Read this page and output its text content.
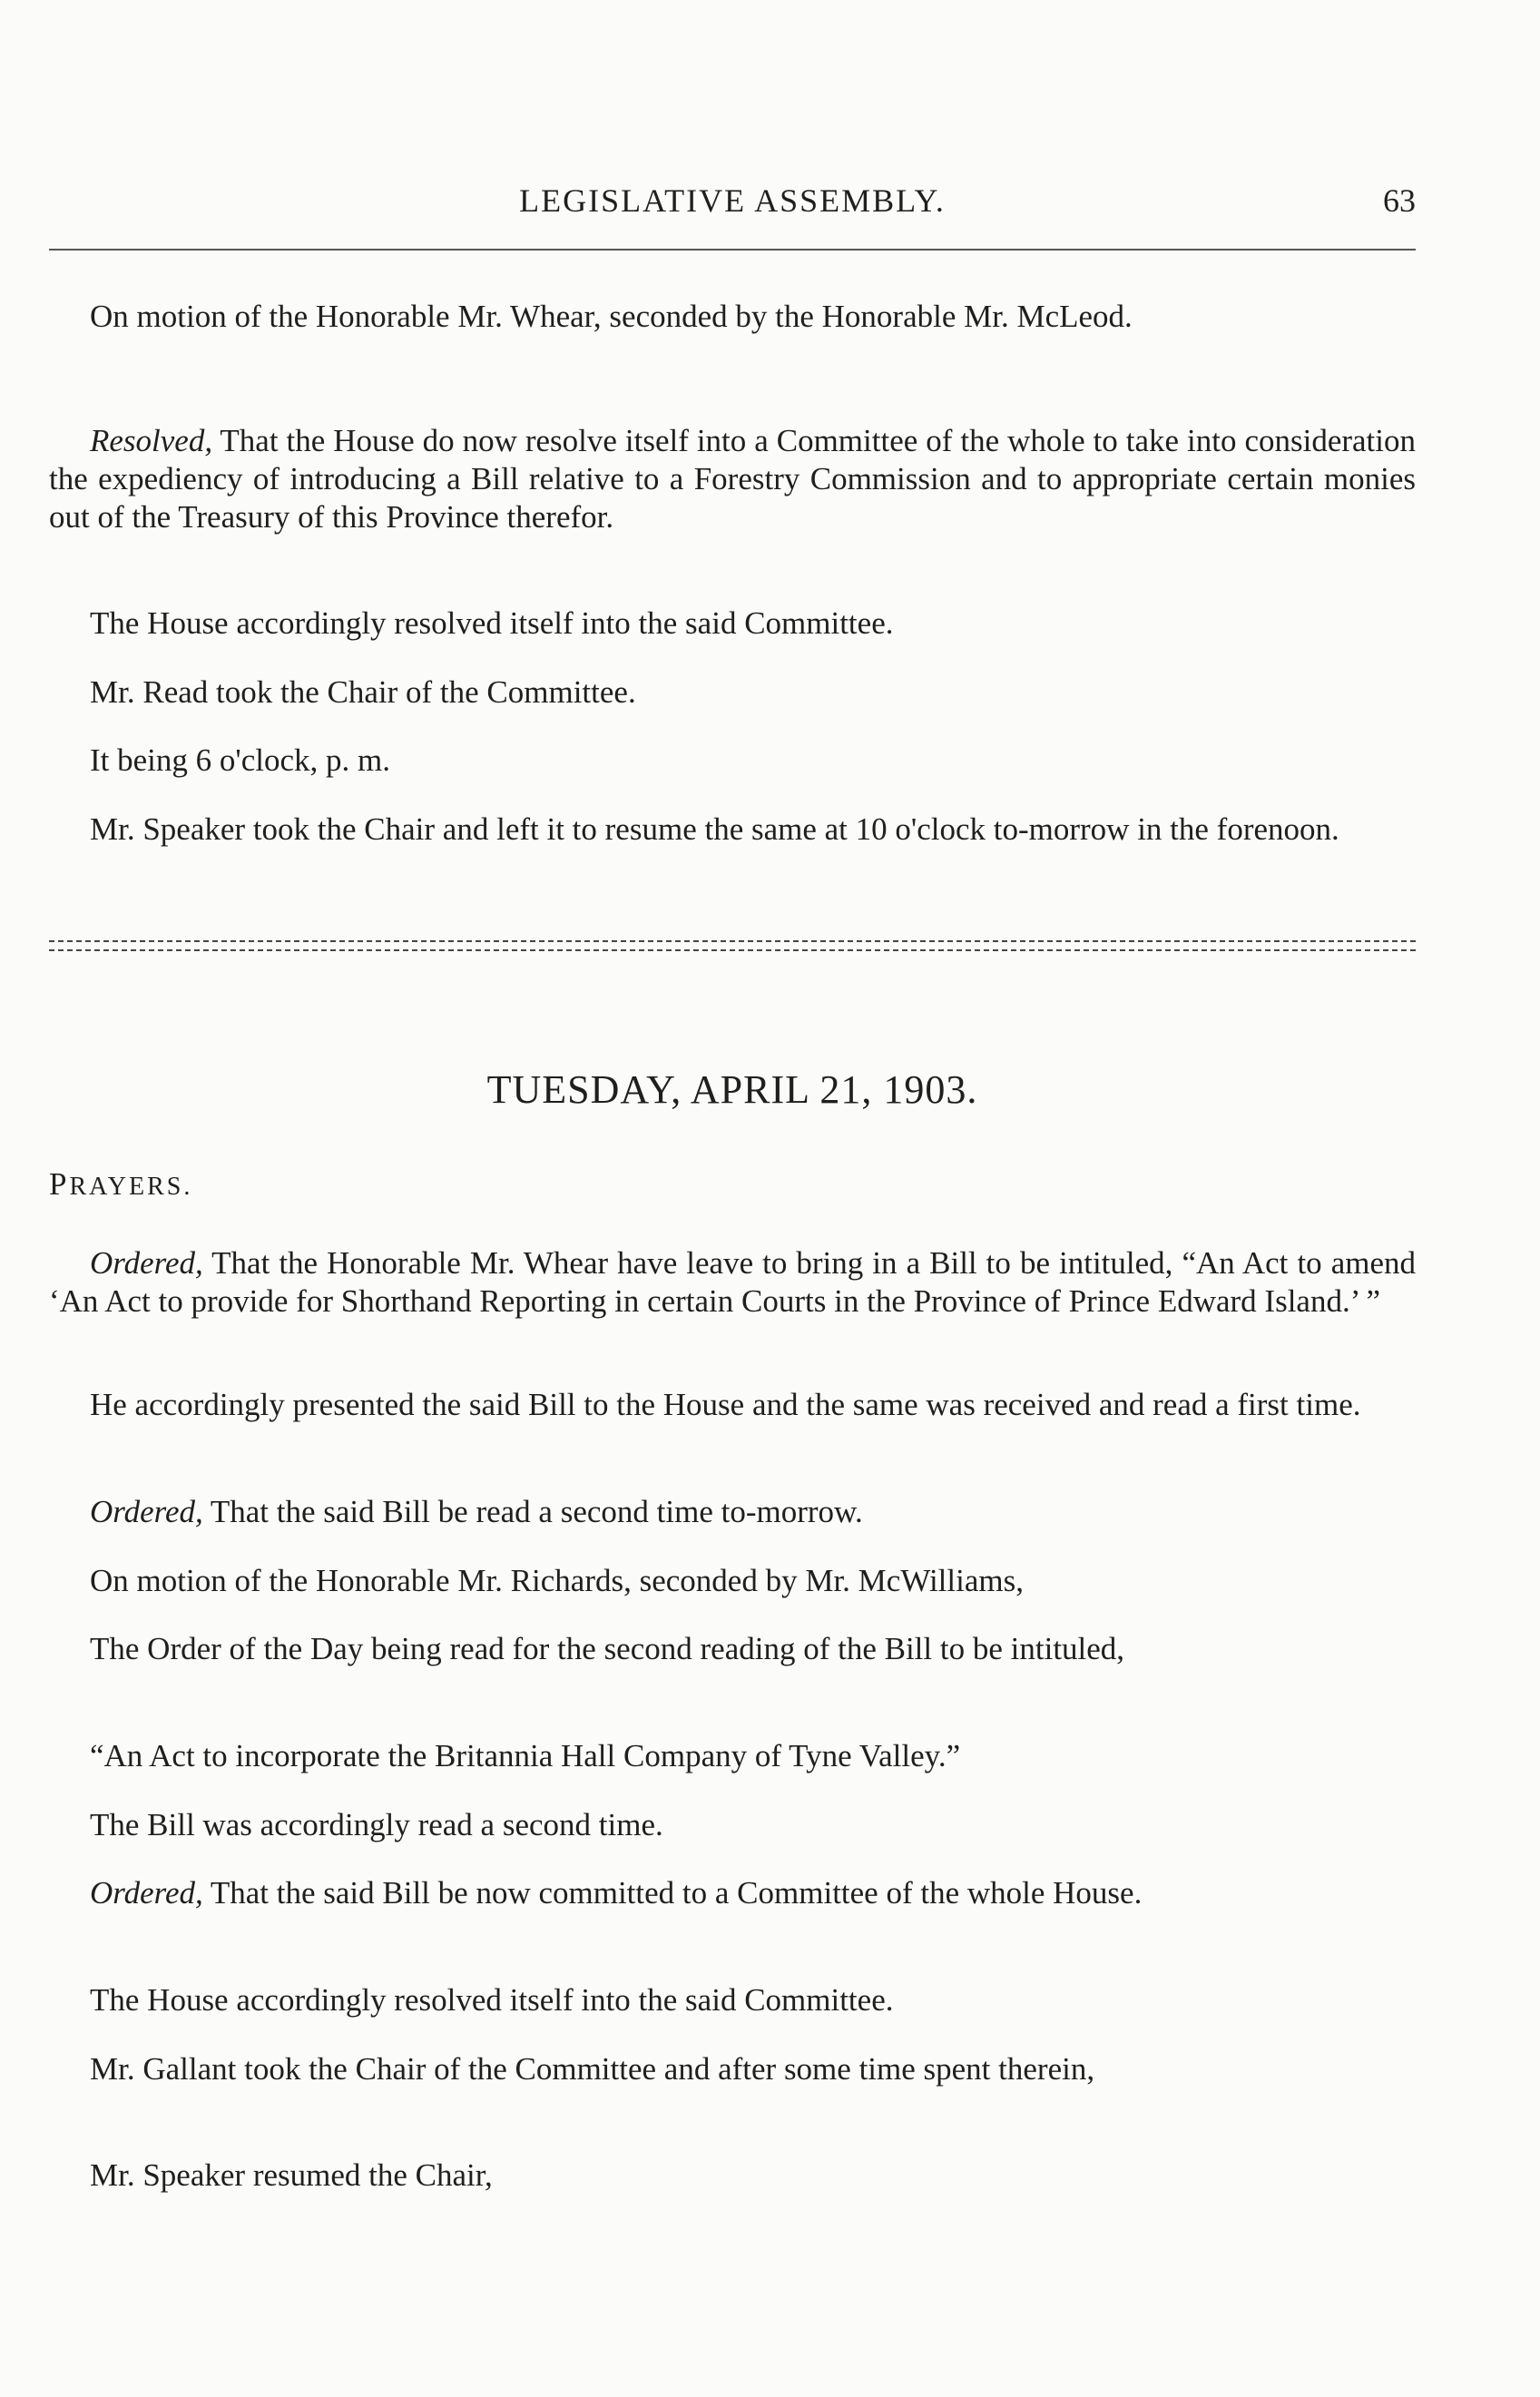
LEGISLATIVE ASSEMBLY.	63

On motion of the Honorable Mr. Whear, seconded by the Honorable Mr. McLeod.

Resolved, That the House do now resolve itself into a Committee of the whole to take into consideration the expediency of introducing a Bill relative to a Forestry Commission and to appropriate certain monies out of the Treasury of this Province therefor.

The House accordingly resolved itself into the said Committee.

Mr. Read took the Chair of the Committee.

It being 6 o'clock, p. m.

Mr. Speaker took the Chair and left it to resume the same at 10 o'clock to-morrow in the forenoon.

TUESDAY, APRIL 21, 1903.
PRAYERS.

Ordered, That the Honorable Mr. Whear have leave to bring in a Bill to be intituled, “An Act to amend ‘An Act to provide for Shorthand Reporting in certain Courts in the Province of Prince Edward Island.’ ”

He accordingly presented the said Bill to the House and the same was received and read a first time.

Ordered, That the said Bill be read a second time to-morrow.

On motion of the Honorable Mr. Richards, seconded by Mr. McWilliams,

The Order of the Day being read for the second reading of the Bill to be intituled,

“An Act to incorporate the Britannia Hall Company of Tyne Valley.”

The Bill was accordingly read a second time.

Ordered, That the said Bill be now committed to a Committee of the whole House.

The House accordingly resolved itself into the said Committee.

Mr. Gallant took the Chair of the Committee and after some time spent therein,

Mr. Speaker resumed the Chair,
